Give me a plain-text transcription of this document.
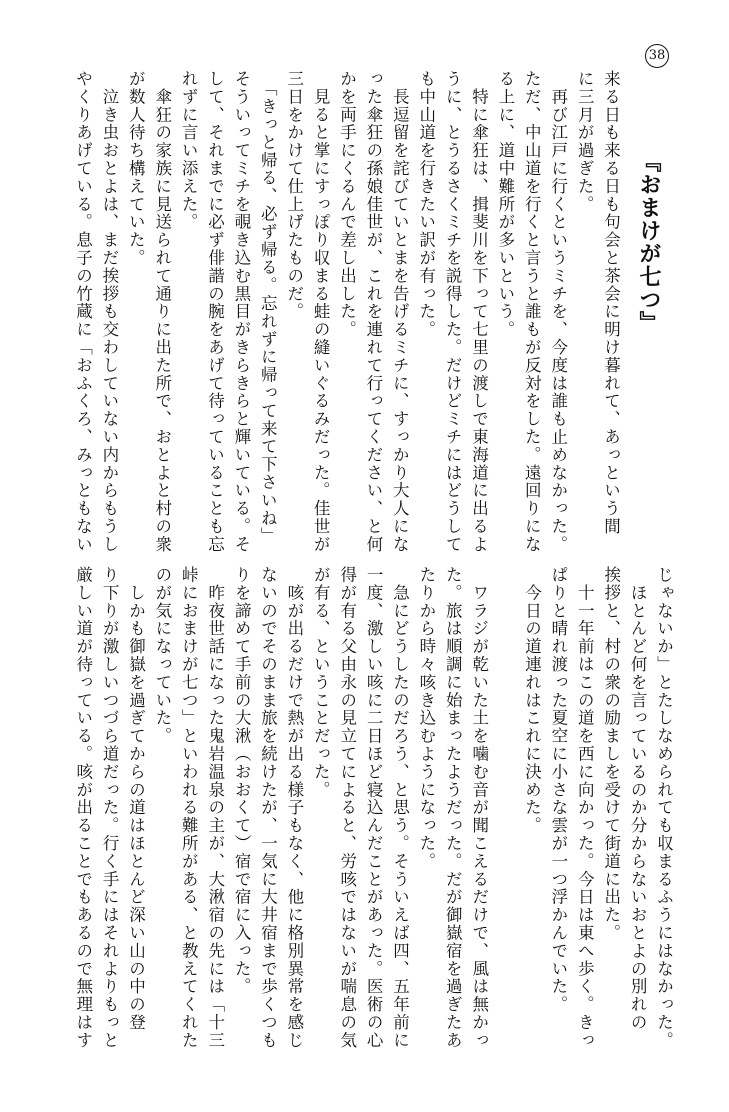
38
『おまけが七つ』
来る日も来る日も句会と茶会に明け暮れて、あっという間
に三月が過ぎた。
　再び江戸に行くというミチを、今度は誰も止めなかった。
ただ、中山道を行くと言うと誰もが反対をした。遠回りにな
る上に、道中難所が多いという。
　特に傘狂は、揖斐川を下って七里の渡しで東海道に出るよ
うに、とうるさくミチを説得した。だけどミチにはどうして
も中山道を行きたい訳が有った。
　長逗留を詫びていとまを告げるミチに、すっかり大人にな
った傘狂の孫娘佳世が、これを連れて行ってください、と何
かを両手にくるんで差し出した。
　見ると掌にすっぽり収まる蛙の縫いぐるみだった。佳世が
三日をかけて仕上げたものだ。
　「きっと帰る、必ず帰る。忘れずに帰って来て下さいね」
そういってミチを覗き込む黒目がきらきらと輝いている。そ
して、それまでに必ず俳諧の腕をあげて待っていることも忘
れずに言い添えた。
　傘狂の家族に見送られて通りに出た所で、おとよと村の衆
が数人待ち構えていた。
　泣き虫おとよは、まだ挨拶も交わしていない内からもうし
やくりあげている。息子の竹蔵に「おふくろ、みっともない
じゃないか」とたしなめられても収まるふうにはなかった。
　ほとんど何を言っているのか分からないおとよの別れの
挨拶と、村の衆の励ましを受けて街道に出た。
　十一年前はこの道を西に向かった。今日は東へ歩く。きっ
ぱりと晴れ渡った夏空に小さな雲が一つ浮かんでいた。
　今日の道連れはこれに決めた。
　ワラジが乾いた土を噛む音が聞こえるだけで、風は無かっ
た。旅は順調に始まったようだった。だが御嶽宿を過ぎたあ
たりから時々咳き込むようになった。
　急にどうしたのだろう、と思う。そういえば四、五年前に
一度、激しい咳に二日ほど寝込んだことがあった。医術の心
得が有る父由永の見立てによると、労咳ではないが喘息の気
が有る、ということだった。
　咳が出るだけで熱が出る様子もなく、他に格別異常を感じ
ないのでそのまま旅を続けたが、一気に大井宿まで歩くつも
りを諦めて手前の大湫（おおくて）宿で宿に入った。
　昨夜世話になった鬼岩温泉の主が、大湫宿の先には「十三
峠におまけが七つ」といわれる難所がある、と教えてくれた
のが気になっていた。
　しかも御嶽を過ぎてからの道はほとんど深い山の中の登
り下りが激しいつづら道だった。行く手にはそれよりもっと
厳しい道が待っている。咳が出ることでもあるので無理はす
